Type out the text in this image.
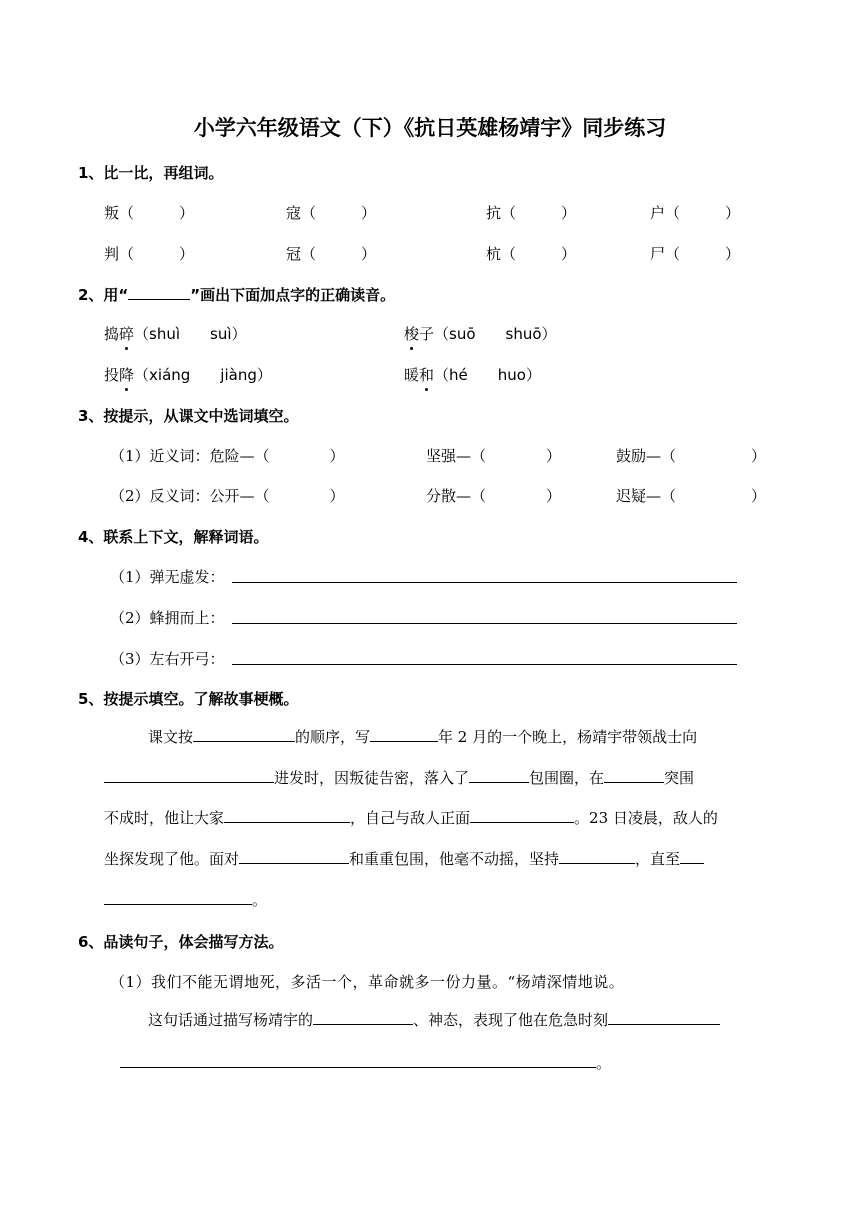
小学六年级语文（下）《抗日英雄杨靖宇》同步练习
1、比一比，再组词。
叛（　　　）	寇（　　　）	抗（　　　）	户（　　　）
判（　　　）	冠（　　　）	杭（　　　）	尸（　　　）
2、用“	”画出下面加点字的正确读音。
捣碎（shuì　　suì）	梭子（suō　　shuō）
投降（xiáng　　jiàng）	暖和（hé　　huo）
3、按提示，从课文中选词填空。
（1）近义词：危险—（　　　　）	坚强—（　　　　）	鼓励—（　　　　　）
（2）反义词：公开—（　　　　）	分散—（　　　　）	迟疑—（　　　　　）
4、联系上下文，解释词语。
（1）弹无虚发：
（2）蜂拥而上：
（3）左右开弓：
5、按提示填空。了解故事梗概。
课文按	的顺序，写	年 2 月的一个晚上，杨靖宇带领战士向
进发时，因叛徒告密，落入了	包围圈，在	突围
不成时，他让大家	，自己与敌人正面	。23 日凌晨，敌人的
坐探发现了他。面对	和重重包围，他毫不动摇，坚持	，直至
。
6、品读句子，体会描写方法。
（1）我们不能无谓地死，多活一个，革命就多一份力量。“杨靖深情地说。
这句话通过描写杨靖宇的	、神态，表现了他在危急时刻
。
